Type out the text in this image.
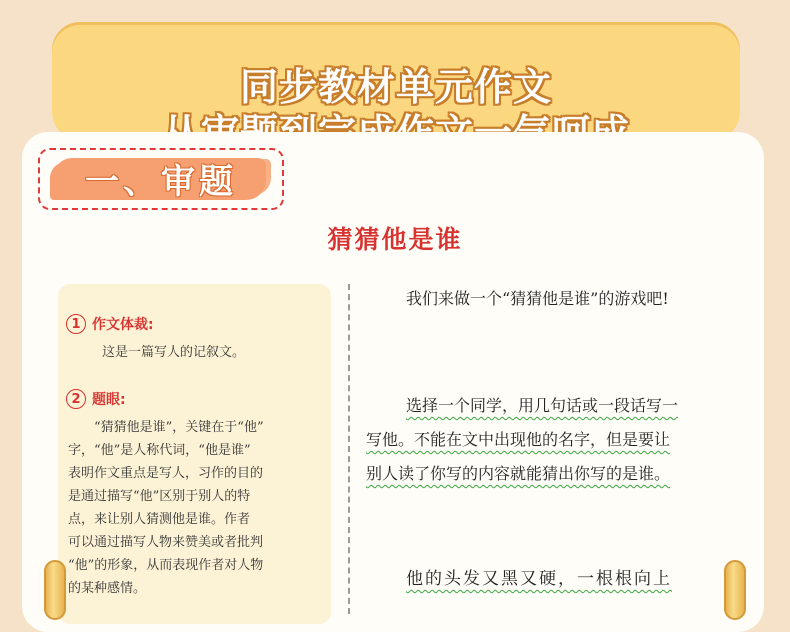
同步教材单元作文
一、审题
猜猜他是谁
1 作文体裁:
这是一篇写人的记叙文。
2 题眼:
“猜猜他是谁”，关键在于“他”
字，“他”是人称代词，“他是谁”
表明作文重点是写人，习作的目的
是通过描写“他”区别于别人的特
点，来让别人猜测他是谁。作者
可以通过描写人物来赞美或者批判
“他”的形象，从而表现作者对人物
的某种感情。
我们来做一个“猜猜他是谁”的游戏吧!
选择一个同学，用几句话或一段话写一
写他。不能在文中出现他的名字，但是要让
别人读了你写的内容就能猜出你写的是谁。
他的头发又黑又硬，一根根向上
